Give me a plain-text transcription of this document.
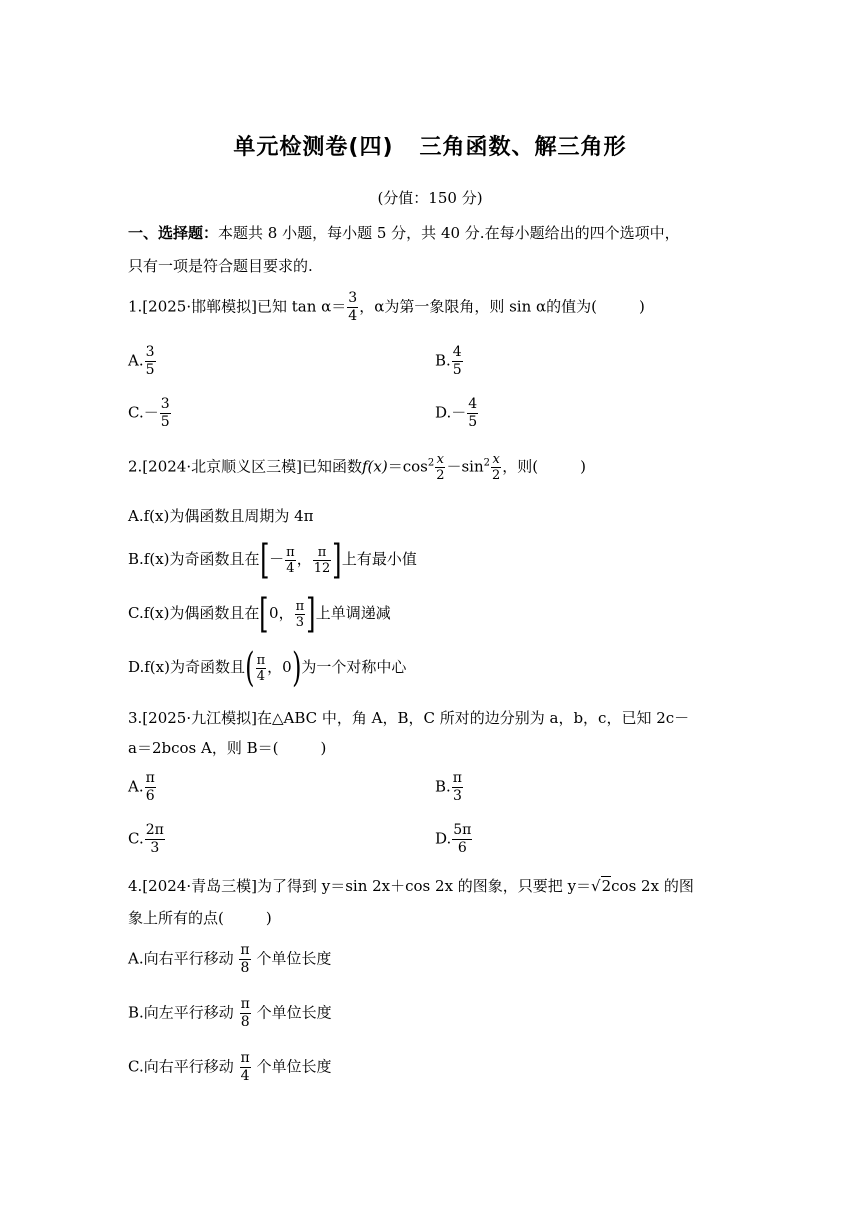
单元检测卷(四) 三角函数、解三角形
(分值：150 分)
一、选择题：本题共 8 小题，每小题 5 分，共 40 分.在每小题给出的四个选项中，
只有一项是符合题目要求的.
1.[2025·邯郸模拟]已知 $\tan \alpha= \frac{3}{4}$ ，α为第一象限角，则 sin α的值为(	)
A. $\frac{3}{5}$	B. $\frac{4}{5}$
$C.- \frac{3}{5}$	$D.- \frac{4}{5}$
2.[2024·北京顺义区三模]已知函数$f(x)=\cos^2 \frac{x}{2} -\sin^2 \frac{x}{2}$ ，则(	)
A.f(x)为偶函数且周期为 4π
B.f(x)为奇函数且在[－ $\frac{\pi}{4}$ ， $\frac{\pi}{12}$ ]上有最小值
C.f(x)为偶函数且在[0， $\frac{\pi}{3}$ ]上单调递减
D.f(x)为奇函数且( $\frac{\pi}{4}$ ，0)为一个对称中心
3.[2025·九江模拟]在△ABC 中，角 A，B，C 所对的边分别为 a，b，c，已知 2c－
a＝2bcos A，则 B＝(	)
A. $\frac{\pi}{6}$	B. $\frac{\pi}{3}$
C. $\frac{2\pi}{3}$	D. $\frac{5\pi}{6}$
4.[2024·青岛三模]为了得到 y＝sin 2x＋cos 2x 的图象，只要把 y＝√2cos 2x 的图
象上所有的点(	)
A.向右平行移动 $\frac{\pi}{8}$ 个单位长度
B.向左平行移动 $\frac{\pi}{8}$ 个单位长度
C.向右平行移动 $\frac{\pi}{4}$ 个单位长度
